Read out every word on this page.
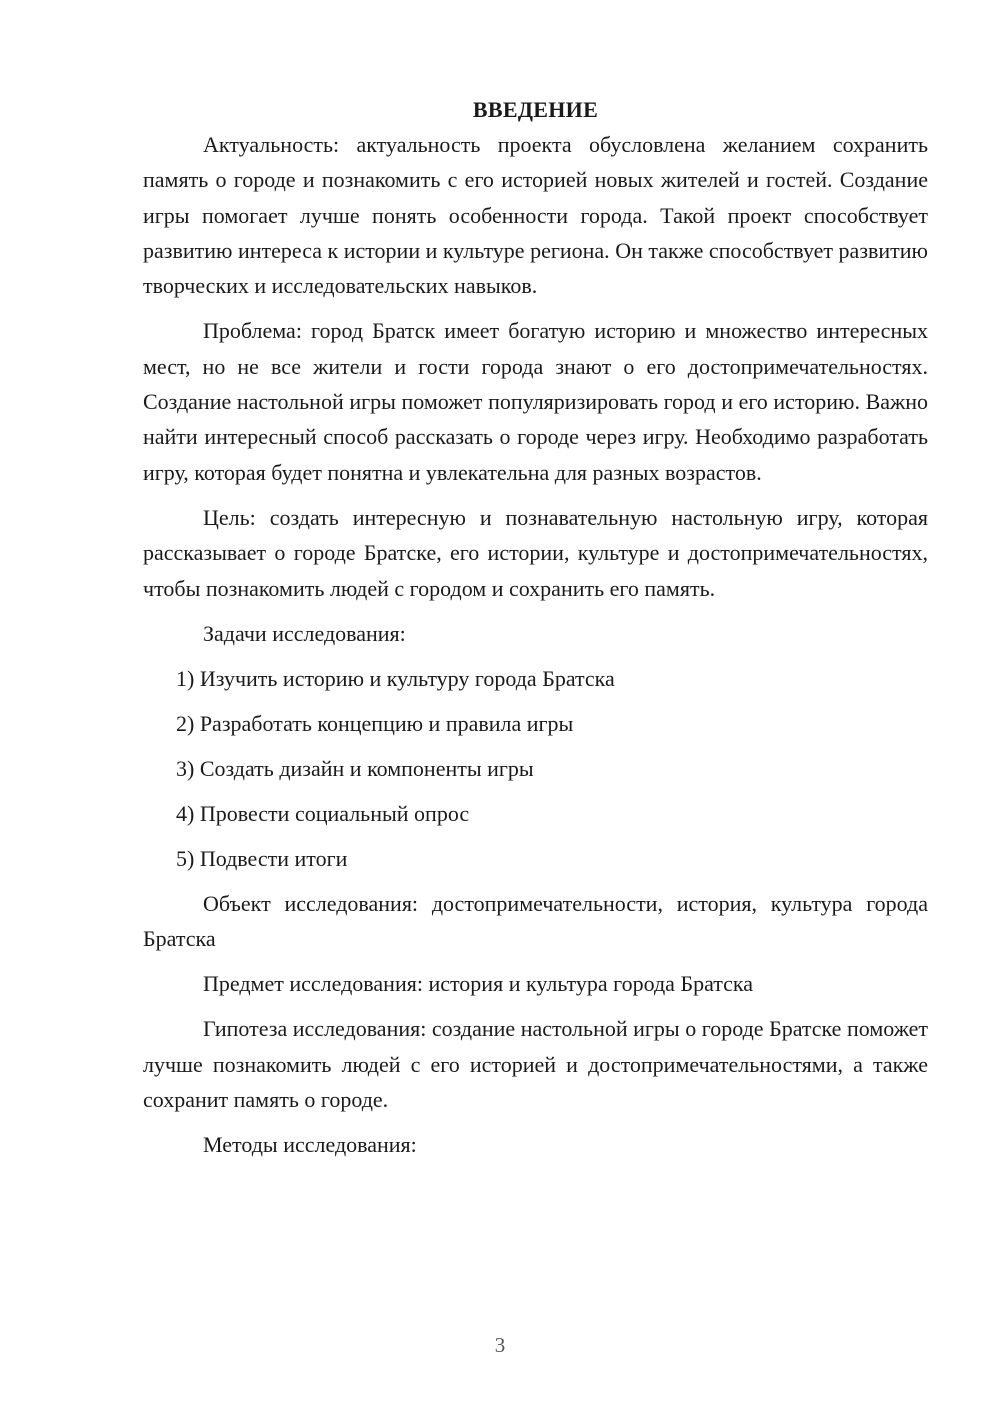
ВВЕДЕНИЕ

Актуальность: актуальность проекта обусловлена желанием сохранить память о городе и познакомить с его историей новых жителей и гостей. Создание игры помогает лучше понять особенности города. Такой проект способствует развитию интереса к истории и культуре региона. Он также способствует развитию творческих и исследовательских навыков.

Проблема: город Братск имеет богатую историю и множество интересных мест, но не все жители и гости города знают о его достопримечательностях. Создание настольной игры поможет популяризировать город и его историю. Важно найти интересный способ рассказать о городе через игру. Необходимо разработать игру, которая будет понятна и увлекательна для разных возрастов.

Цель: создать интересную и познавательную настольную игру, которая рассказывает о городе Братске, его истории, культуре и достопримечательностях, чтобы познакомить людей с городом и сохранить его память.

Задачи исследования:

1) Изучить историю и культуру города Братска
2) Разработать концепцию и правила игры
3) Создать дизайн и компоненты игры
4) Провести социальный опрос
5) Подвести итоги

Объект исследования: достопримечательности, история, культура города Братска

Предмет исследования: история и культура города Братска

Гипотеза исследования: создание настольной игры о городе Братске поможет лучше познакомить людей с его историей и достопримечательностями, а также сохранит память о городе.

Методы исследования:

3
